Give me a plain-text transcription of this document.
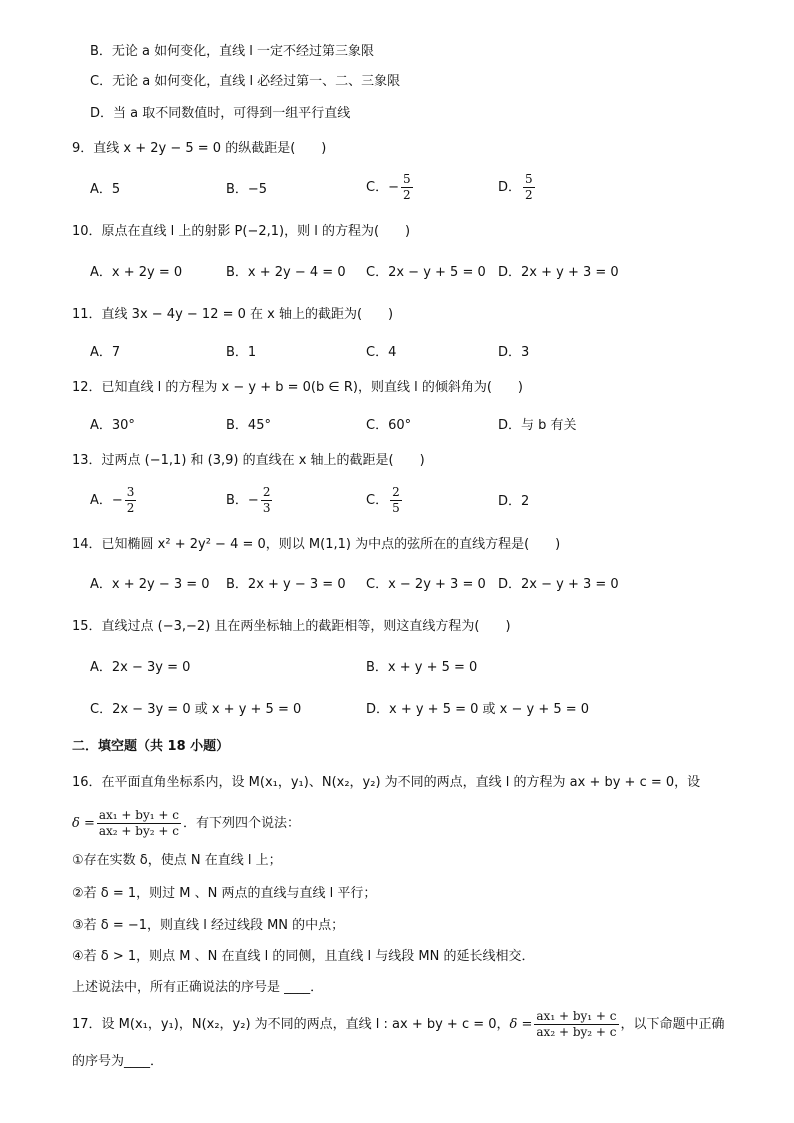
B．无论 a 如何变化，直线 l 一定不经过第三象限
C．无论 a 如何变化，直线 l 必经过第一、二、三象限
D．当 a 取不同数值时，可得到一组平行直线
9．直线 x + 2y − 5 = 0 的纵截距是(　　)
A．5	B．−5	C．− $\frac{5}{2}$	D． $\frac{5}{2}$
10．原点在直线 l 上的射影 P(−2,1)，则 l 的方程为(　　)
A．x + 2y = 0	B．x + 2y − 4 = 0 C．2x − y + 5 = 0 D．2x + y + 3 = 0
11．直线 3x − 4y − 12 = 0 在 x 轴上的截距为(　　)
A．7	B．1	C．4	D．3
12．已知直线 l 的方程为 x − y + b = 0(b ∈ R)，则直线 l 的倾斜角为(　　)
A．30°	B．45°	C．60°	D．与 b 有关
13．过两点 (−1,1) 和 (3,9) 的直线在 x 轴上的截距是(　　)
A．− $\frac{3}{2}$	B．− $\frac{2}{3}$	C． $\frac{2}{5}$	D．2
14．已知椭圆 x² + 2y² − 4 = 0，则以 M(1,1) 为中点的弦所在的直线方程是(　　)
A．x + 2y − 3 = 0 B．2x + y − 3 = 0 C．x − 2y + 3 = 0 D．2x − y + 3 = 0
15．直线过点 (−3,−2) 且在两坐标轴上的截距相等，则这直线方程为(　　)
A．2x − 3y = 0	B．x + y + 5 = 0
C．2x − 3y = 0 或 x + y + 5 = 0	D．x + y + 5 = 0 或 x − y + 5 = 0
二．填空题（共 18 小题）
16．在平面直角坐标系内，设 M(x₁，y₁)、N(x₂，y₂) 为不同的两点，直线 l 的方程为 ax + by + c = 0，设
$\delta = \frac{\text{ax₁ + by₁ + c}}{\text{ax₂ + by₂ + c}}$ ．有下列四个说法：
①存在实数 δ，使点 N 在直线 l 上；
②若 δ = 1，则过 M 、N 两点的直线与直线 l 平行；
③若 δ = −1，则直线 l 经过线段 MN 的中点；
④若 δ > 1，则点 M 、N 在直线 l 的同侧，且直线 l 与线段 MN 的延长线相交．
上述说法中，所有正确说法的序号是 ____．
17．设 M(x₁，y₁)，N(x₂，y₂) 为不同的两点，直线 l : ax + by + c = 0，$\delta = \frac{\text{ax₁ + by₁ + c}}{\text{ax₂ + by₂ + c}}$ ，以下命题中正确
的序号为____．
